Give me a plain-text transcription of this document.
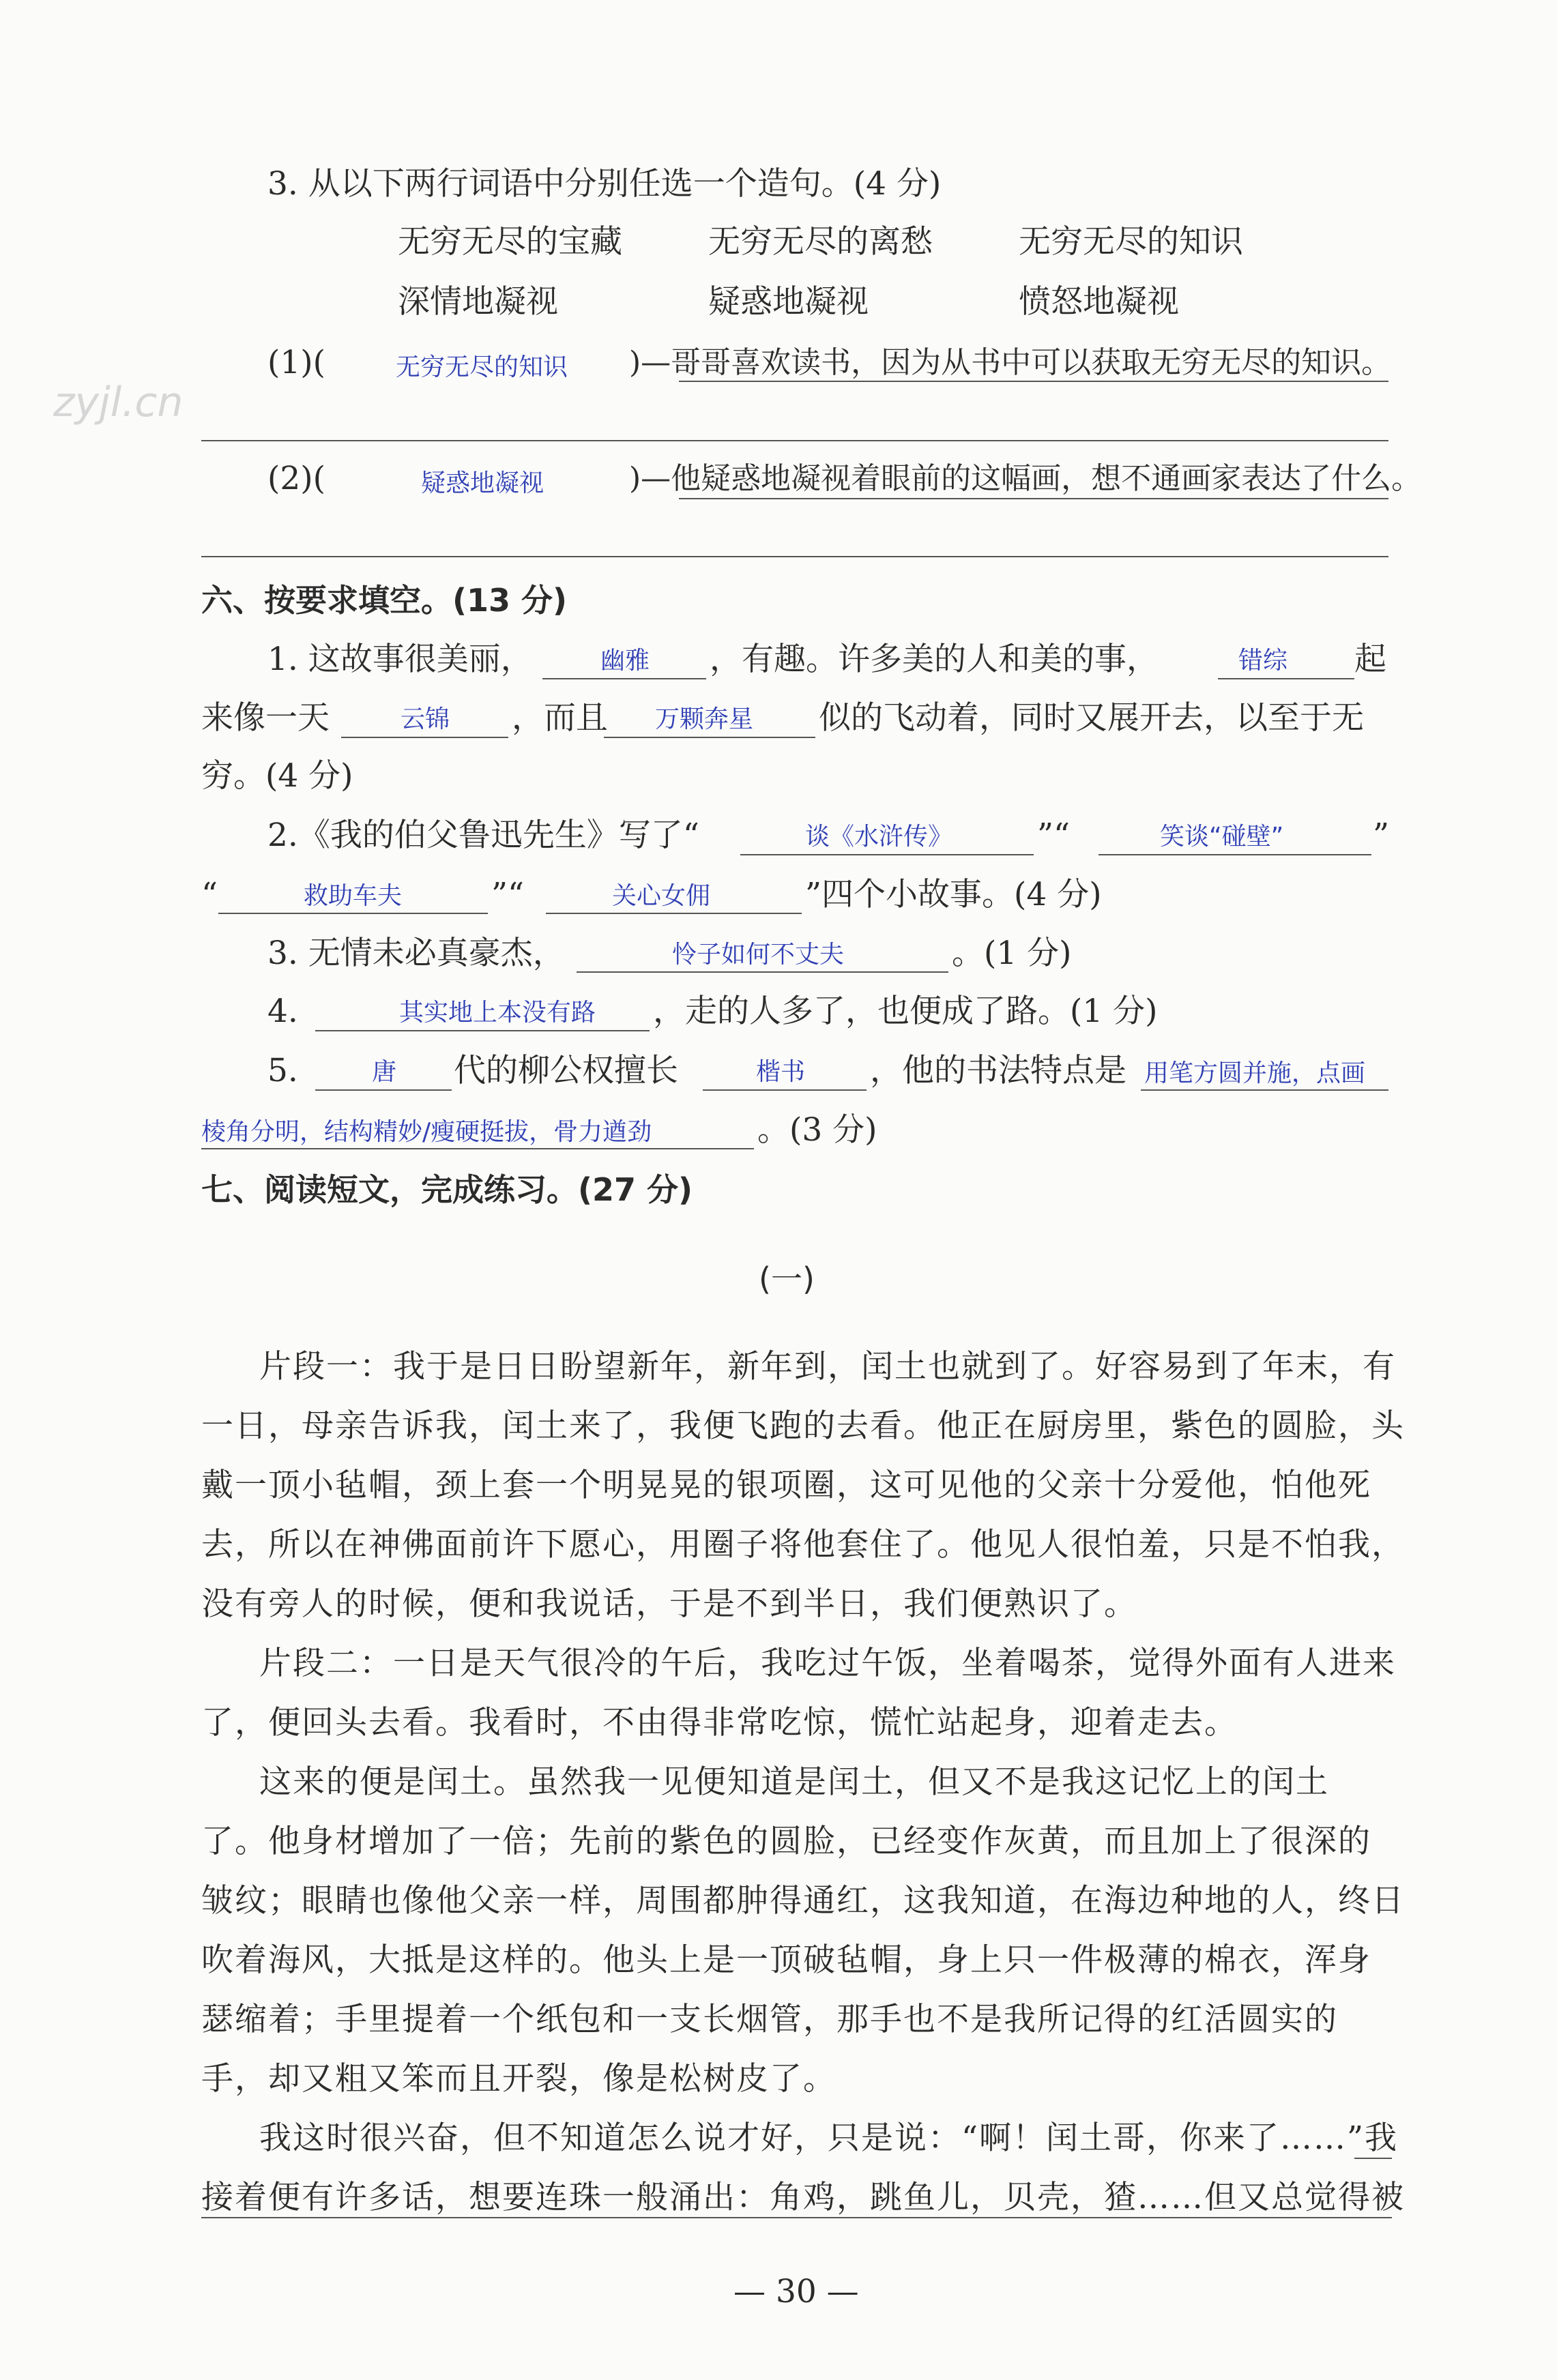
zyjl.cn
3. 从以下两行词语中分别任选一个造句。(4 分)
无穷无尽的宝藏	无穷无尽的离愁	无穷无尽的知识
深情地凝视	疑惑地凝视	愤怒地凝视
(1)(	无穷无尽的知识 )—哥哥喜欢读书，因为从书中可以获取无穷无尽的知识。
(2)(	疑惑地凝视	)—他疑惑地凝视着眼前的这幅画，想不通画家表达了什么。
六、按要求填空。(13 分)
1. 这故事很美丽，	幽雅 ，有趣。许多美的人和美的事，	错综 起
来像一天	云锦 ，而且 万颗奔星 似的飞动着，同时又展开去，以至于无
穷。(4 分)
2.《我的伯父鲁迅先生》写了“	谈《水浒传》	”“	笑谈“碰壁”	”
“	救助车夫	”“	关心女佣	”四个小故事。(4 分)
3. 无情未必真豪杰，	怜子如何不丈夫	。(1 分)
4.	其实地上本没有路 ，走的人多了，也便成了路。(1 分)
5.	唐 代的柳公权擅长	楷书 ，他的书法特点是 用笔方圆并施，点画
棱角分明，结构精妙/瘦硬挺拔，骨力遒劲	。(3 分)
七、阅读短文，完成练习。(27 分)
(一)
片段一：我于是日日盼望新年，新年到，闰土也就到了。好容易到了年末，有
一日，母亲告诉我，闰土来了，我便飞跑的去看。他正在厨房里，紫色的圆脸，头
戴一顶小毡帽，颈上套一个明晃晃的银项圈，这可见他的父亲十分爱他，怕他死
去，所以在神佛面前许下愿心，用圈子将他套住了。他见人很怕羞，只是不怕我，
没有旁人的时候，便和我说话，于是不到半日，我们便熟识了。
片段二：一日是天气很冷的午后，我吃过午饭，坐着喝茶，觉得外面有人进来
了，便回头去看。我看时，不由得非常吃惊，慌忙站起身，迎着走去。
这来的便是闰土。虽然我一见便知道是闰土，但又不是我这记忆上的闰土
了。他身材增加了一倍；先前的紫色的圆脸，已经变作灰黄，而且加上了很深的
皱纹；眼睛也像他父亲一样，周围都肿得通红，这我知道，在海边种地的人，终日
吹着海风，大抵是这样的。他头上是一顶破毡帽，身上只一件极薄的棉衣，浑身
瑟缩着；手里提着一个纸包和一支长烟管，那手也不是我所记得的红活圆实的
手，却又粗又笨而且开裂，像是松树皮了。
我这时很兴奋，但不知道怎么说才好，只是说：“啊！闰土哥，你来了……”我
接着便有许多话，想要连珠一般涌出：角鸡，跳鱼儿，贝壳，猹……但又总觉得被
— 30 —
